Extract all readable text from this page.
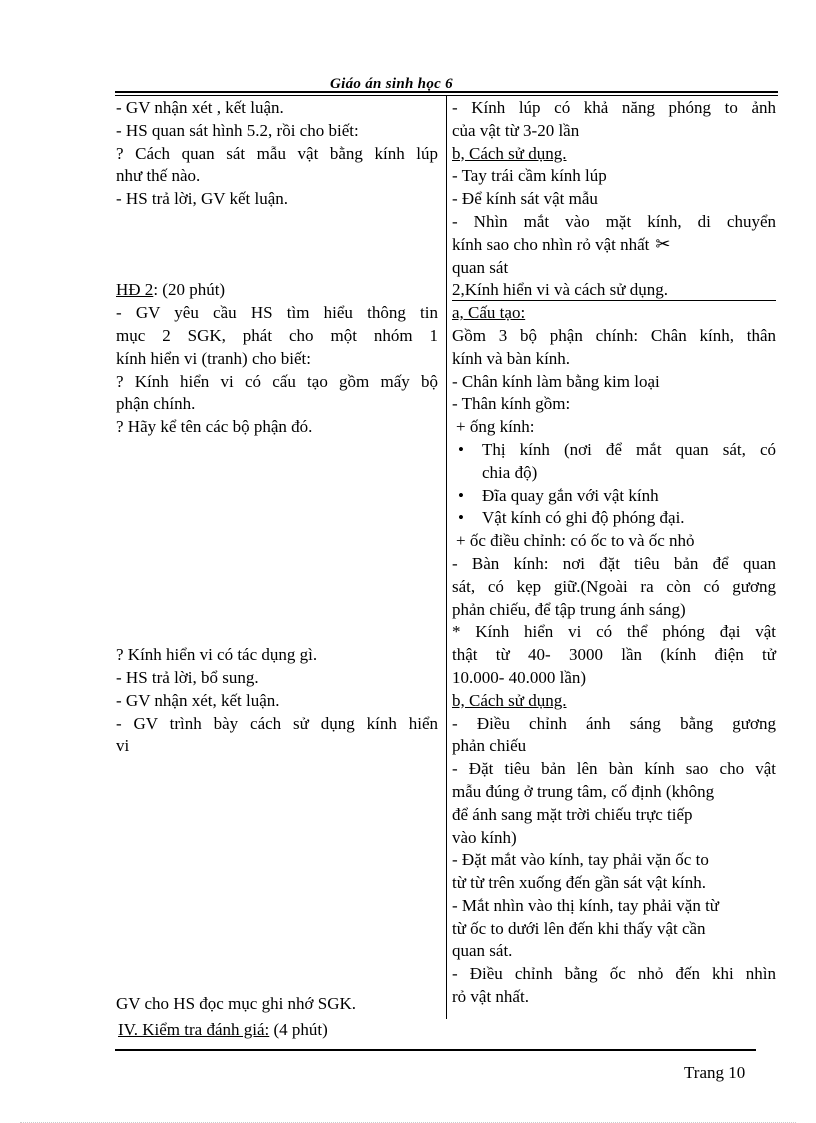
Giáo án sinh học 6
- GV nhận xét , kết luận.
- HS quan sát hình 5.2, rồi cho biết:
? Cách quan sát mẫu vật bằng kính lúp
như thế nào.
- HS trả lời, GV kết luận.
HĐ 2: (20 phút)
- GV yêu cầu HS tìm hiểu thông tin
mục 2 SGK, phát cho một nhóm 1
kính hiển vi (tranh) cho biết:
? Kính hiển vi có cấu tạo gồm mấy bộ
phận chính.
? Hãy kể tên các bộ phận đó.
? Kính hiển vi có tác dụng gì.
- HS trả lời, bổ sung.
- GV nhận xét, kết luận.
- GV trình bày cách sử dụng kính hiển
vi
GV cho HS đọc mục ghi nhớ SGK.
- Kính lúp có khả năng phóng to ảnh
của vật từ 3-20 lần
b, Cách sử dụng.
- Tay trái cầm kính lúp
- Để kính sát vật mẫu
- Nhìn mắt vào mặt kính, di chuyển
kính sao cho nhìn rỏ vật nhất ✂
quan sát
2,Kính hiển vi và cách sử dụng.
a, Cấu tạo:
Gồm 3 bộ phận chính: Chân kính, thân
kính và bàn kính.
- Chân kính làm bằng kim loại
- Thân kính gồm:
+ ống kính:
• Thị kính (nơi để mắt quan sát, có
chia độ)
• Đĩa quay gắn với vật kính
• Vật kính có ghi độ phóng đại.
+ ốc điều chỉnh: có ốc to và ốc nhỏ
- Bàn kính: nơi đặt tiêu bản để quan
sát, có kẹp giữ.(Ngoài ra còn có gương
phản chiếu, để tập trung ánh sáng)
* Kính hiển vi có thể phóng đại vật
thật từ 40- 3000 lần (kính điện tử
10.000- 40.000 lần)
b, Cách sử dụng.
- Điều chỉnh ánh sáng bằng gương
phản chiếu
- Đặt tiêu bản lên bàn kính sao cho vật
mẫu đúng ở trung tâm, cố định (không
để ánh sang mặt trời chiếu trực tiếp
vào kính)
- Đặt mắt vào kính, tay phải vặn ốc to
từ từ trên xuống đến gần sát vật kính.
- Mắt nhìn vào thị kính, tay phải vặn từ
từ ốc to dưới lên đến khi thấy vật cần
quan sát.
- Điều chỉnh bằng ốc nhỏ đến khi nhìn
rỏ vật nhất.
IV. Kiểm tra đánh giá: (4 phút)
Trang 10
